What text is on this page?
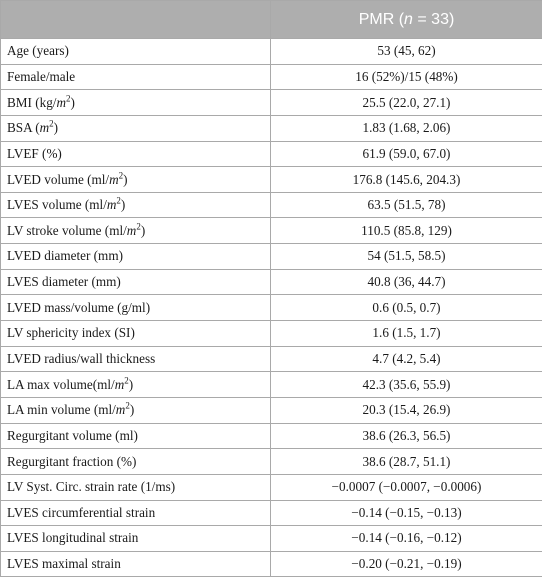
	PMR (n = 33)
Age (years)	53 (45, 62)
Female/male	16 (52%)/15 (48%)
BMI $(kg/m^2)$	25.5 (22.0, 27.1)
BSA $(m^2)$	1.83 (1.68, 2.06)
LVEF (%)	61.9 (59.0, 67.0)
LVED volume $(ml/m^2)$	176.8 (145.6, 204.3)
LVES volume $(ml/m^2)$	63.5 (51.5, 78)
LV stroke volume $(ml/m^2)$	110.5 (85.8, 129)
LVED diameter (mm)	54 (51.5, 58.5)
LVES diameter (mm)	40.8 (36, 44.7)
LVED mass/volume (g/ml)	0.6 (0.5, 0.7)
LV sphericity index (SI)	1.6 (1.5, 1.7)
LVED radius/wall thickness	4.7 (4.2, 5.4)
LA $\max volume(ml/m^2)$	42.3 (35.6, 55.9)
LA min volume $(ml/m^2)$	20.3 (15.4, 26.9)
Regurgitant volume (ml)	38.6 (26.3, 56.5)
Regurgitant fraction (%)	38.6 (28.7, 51.1)
LV Syst. Circ. strain rate (1/ms)	−0.0007 (−0.0007, −0.0006)
LVES circumferential strain	−0.14 (−0.15, −0.13)
LVES longitudinal strain	−0.14 (−0.16, −0.12)
LVES maximal strain	−0.20 (−0.21, −0.19)
